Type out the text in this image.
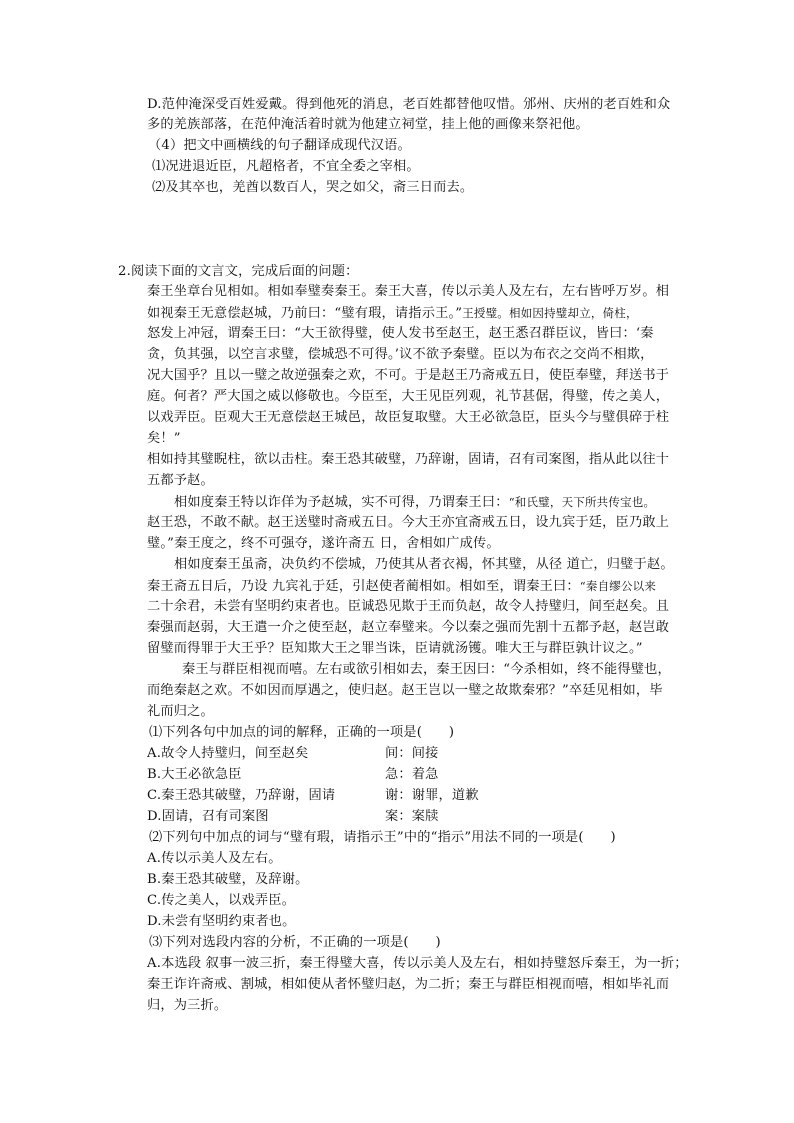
D.范仲淹深受百姓爱戴。得到他死的消息，老百姓都替他叹惜。邠州、庆州的老百姓和众
多的羌族部落，在范仲淹活着时就为他建立祠堂，挂上他的画像来祭祀他。
（4）把文中画横线的句子翻译成现代汉语。
⑴况进退近臣，凡超格者，不宜全委之宰相。
⑵及其卒也，羌酋以数百人，哭之如父，斋三日而去。
2.阅读下面的文言文，完成后面的问题：
秦王坐章台见相如。相如奉璧奏秦王。秦王大喜，传以示美人及左右，左右皆呼万岁。相
如视秦王无意偿赵城，乃前曰：“璧有瑕，请指示王。”王授璧。相如因持璧却立，倚柱，
怒发上冲冠，谓秦王曰：“大王欲得璧，使人发书至赵王，赵王悉召群臣议，皆曰：‘秦
贪，负其强，以空言求璧，偿城恐不可得。’议不欲予秦璧。臣以为布衣之交尚不相欺，
况大国乎？且以一璧之故逆强秦之欢，不可。于是赵王乃斋戒五日，使臣奉璧，拜送书于
庭。何者？严大国之威以修敬也。今臣至，大王见臣列观，礼节甚倨，得璧，传之美人，
以戏弄臣。臣观大王无意偿赵王城邑，故臣复取璧。大王必欲急臣，臣头今与璧俱碎于柱
矣！”
相如持其璧睨柱，欲以击柱。秦王恐其破璧，乃辞谢，固请，召有司案图，指从此以往十
五都予赵。
相如度秦王特以诈佯为予赵城，实不可得，乃谓秦王曰：“和氏璧，天下所共传宝也。
赵王恐，不敢不献。赵王送璧时斋戒五日。今大王亦宜斋戒五日，设九宾于廷，臣乃敢上
璧。”秦王度之，终不可强夺，遂许斋五 日，舍相如广成传。
相如度秦王虽斋，决负约不偿城，乃使其从者衣褐，怀其璧，从径 道亡，归璧于赵。
秦王斋五日后，乃设 九宾礼于廷，引赵使者蔺相如。相如至，谓秦王曰：“秦自缪公以来
二十余君，未尝有坚明约束者也。臣诚恐见欺于王而负赵，故令人持璧归，间至赵矣。且
秦强而赵弱，大王遣一介之使至赵，赵立奉璧来。今以秦之强而先割十五都予赵，赵岂敢
留璧而得罪于大王乎？臣知欺大王之罪当诛，臣请就汤镬。唯大王与群臣孰计议之。”
秦王与群臣相视而嘻。左右或欲引相如去，秦王因曰：“今杀相如，终不能得璧也，
而绝秦赵之欢。不如因而厚遇之，使归赵。赵王岂以一璧之故欺秦邪？”卒廷见相如，毕
礼而归之。
⑴下列各句中加点的词的解释，正确的一项是(　　)
A.故令人持璧归，间至赵矣	间：间接
B.大王必欲急臣	急：着急
C.秦王恐其破璧，乃辞谢，固请	谢：谢罪，道歉
D.固请，召有司案图	案：案牍
⑵下列句中加点的词与“璧有瑕，请指示王”中的“指示”用法不同的一项是(　　)
A.传以示美人及左右。
B.秦王恐其破璧，及辞谢。
C.传之美人，以戏弄臣。
D.未尝有坚明约束者也。
⑶下列对选段内容的分析，不正确的一项是(　　)
A.本选段 叙事一波三折，秦王得璧大喜，传以示美人及左右，相如持璧怒斥秦王，为一折；
秦王诈许斋戒、割城，相如使从者怀璧归赵，为二折；秦王与群臣相视而嘻，相如毕礼而
归，为三折。
